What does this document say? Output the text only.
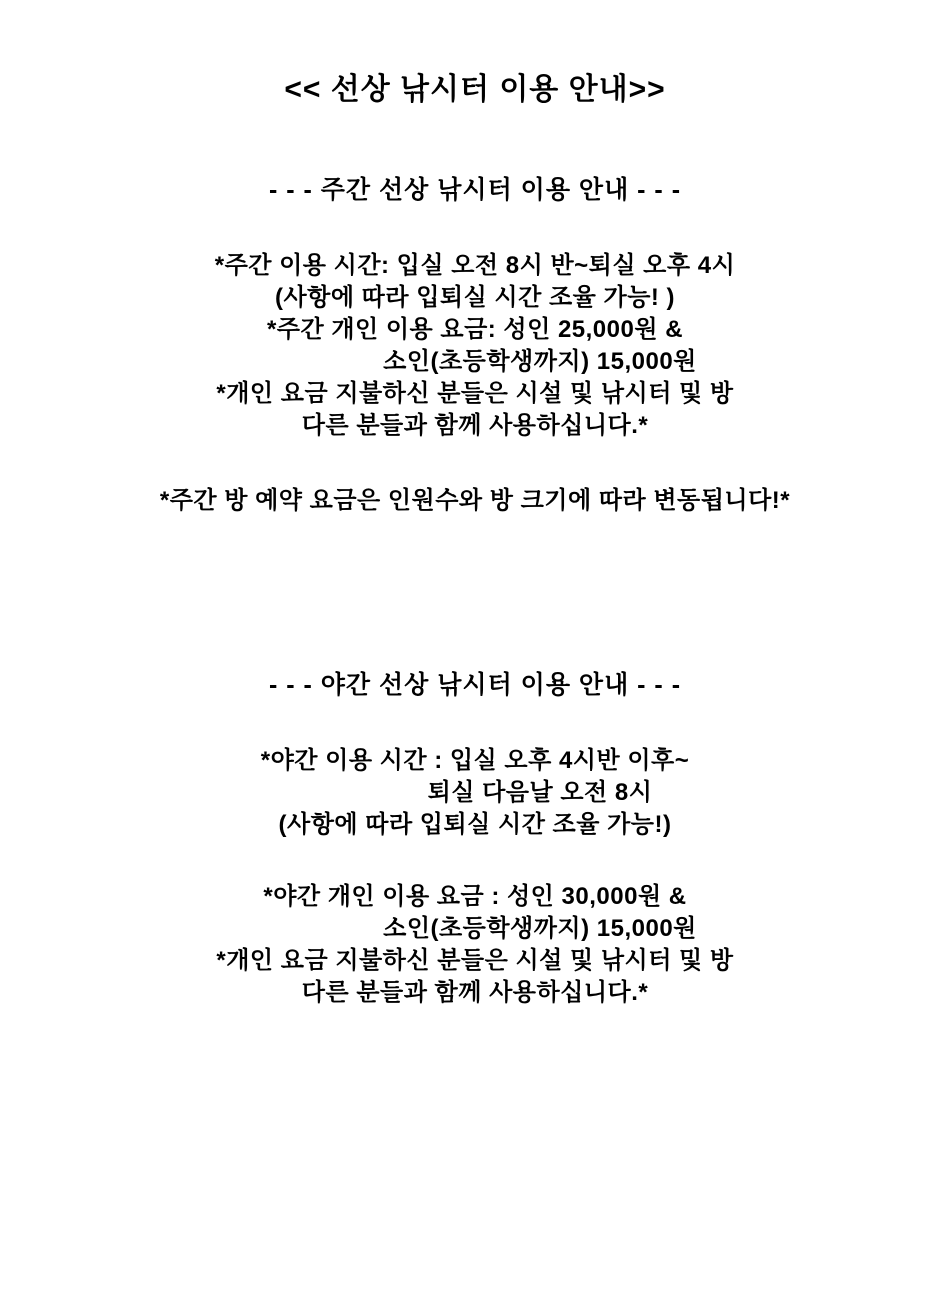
<< 선상 낚시터 이용 안내>>
- - - 주간 선상 낚시터 이용 안내 - - -

*주간 이용 시간: 입실 오전 8시 반~퇴실 오후 4시

(사항에 따라 입퇴실 시간 조율 가능! )

*주간 개인 이용 요금: 성인 25,000원 &

소인(초등학생까지) 15,000원

*개인 요금 지불하신 분들은 시설 및 낚시터 및 방

다른 분들과 함께 사용하십니다.*

*주간 방 예약 요금은 인원수와 방 크기에 따라 변동됩니다!*

- - - 야간 선상 낚시터 이용 안내 - - -

*야간 이용 시간 : 입실 오후 4시반 이후~

퇴실 다음날 오전 8시

(사항에 따라 입퇴실 시간 조율 가능!)

*야간 개인 이용 요금 : 성인 30,000원 &

소인(초등학생까지) 15,000원

*개인 요금 지불하신 분들은 시설 및 낚시터 및 방

다른 분들과 함께 사용하십니다.*
